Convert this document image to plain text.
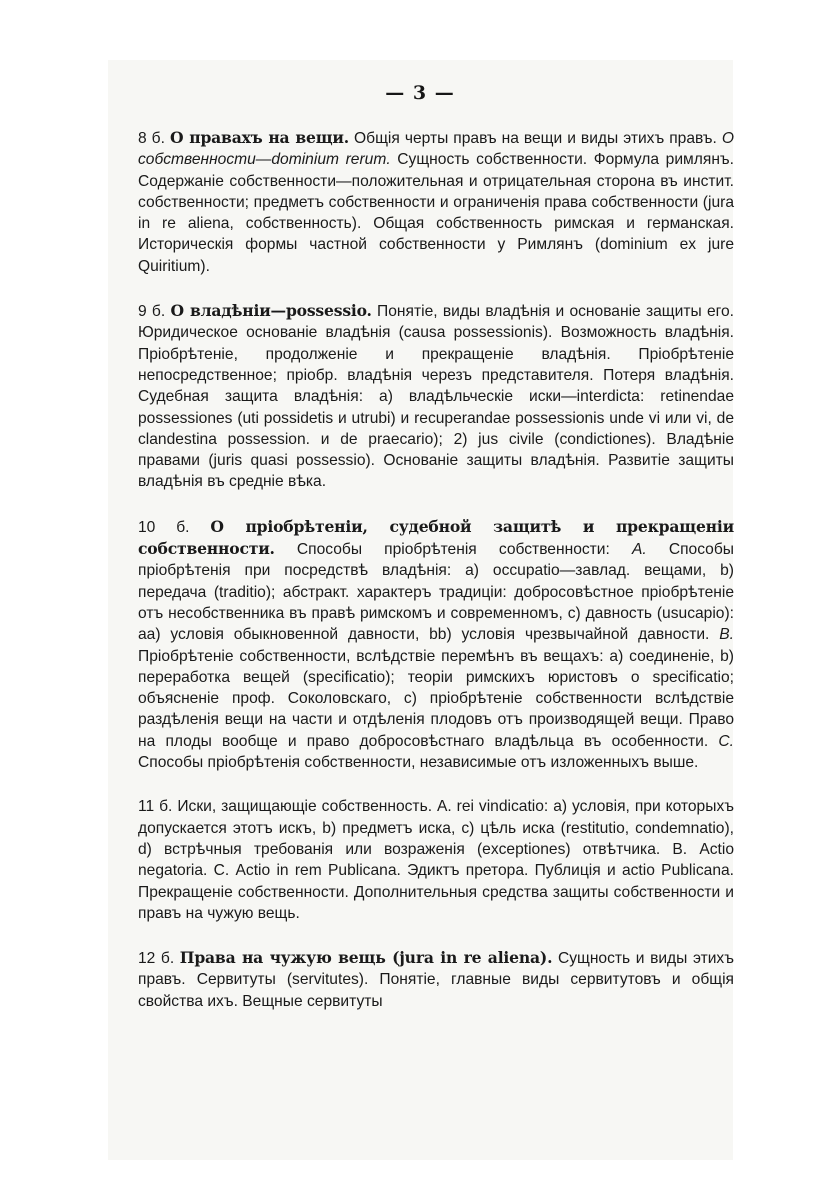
— 3 —

8 б. О правахъ на вещи. Общія черты правъ на вещи и виды этихъ правъ. О собственности—dominium rerum. Сущность собственности. Формула римлянъ. Содержаніе собственности—положительная и отрицательная сторона въ инстит. собственности; предметъ собственности и ограниченія права собственности (jura in re aliena, собственность). Общая собственность римская и германская. Историческія формы частной собственности у Римлянъ (dominium ex jure Quiritium).

9 б. О владѣніи—possessio. Понятіе, виды владѣнія и основаніе защиты его. Юридическое основаніе владѣнія (causa possessionis). Возможность владѣнія. Пріобрѣтеніе, продолженіе и прекращеніе владѣнія. Пріобрѣтеніе непосредственное; пріобр. владѣнія черезъ представителя. Потеря владѣнія. Судебная защита владѣнія: а) владѣльческіе иски—interdicta: retinendae possessiones (uti possidetis и utrubi) и recuperandae possessionis unde vi или vi, de clandestina possession. и de praecario); 2) jus civile (condictiones). Владѣніе правами (juris quasi possessio). Основаніе защиты владѣнія. Развитіе защиты владѣнія въ средніе вѣка.

10 б. О пріобрѣтеніи, судебной защитѣ и прекращеніи собственности. Способы пріобрѣтенія собственности: А. Способы пріобрѣтенія при посредствѣ владѣнія: а) occupatio—завлад. вещами, b) передача (traditio); абстракт. характеръ традиціи: добросовѣстное пріобрѣтеніе отъ несобственника въ правѣ римскомъ и современномъ, с) давность (usucapio): аа) условія обыкновенной давности, bb) условія чрезвычайной давности. B. Пріобрѣтеніе собственности, вслѣдствіе перемѣнъ въ вещахъ: а) соединеніе, b) переработка вещей (specificatio); теоріи римскихъ юристовъ о specificatio; объясненіе проф. Соколовскаго, с) пріобрѣтеніе собственности вслѣдствіе раздѣленія вещи на части и отдѣленія плодовъ отъ производящей вещи. Право на плоды вообще и право добросовѣстнаго владѣльца въ особенности. C. Способы пріобрѣтенія собственности, независимые отъ изложенныхъ выше.

11 б. Иски, защищающіе собственность. А. rei vindicatio: а) условія, при которыхъ допускается этотъ искъ, b) предметъ иска, с) цѣль иска (restitutio, condemnatio), d) встрѣчныя требованія или возраженія (exceptiones) отвѣтчика. В. Actio negatoria. С. Actio in rem Publicana. Эдиктъ претора. Публиція и actio Publicana. Прекращеніе собственности. Дополнительныя средства защиты собственности и правъ на чужую вещь.

12 б. Права на чужую вещь (jura in re aliena). Сущность и виды этихъ правъ. Сервитуты (servitutes). Понятіе, главные виды сервитутовъ и общія свойства ихъ. Вещные сервитуты
